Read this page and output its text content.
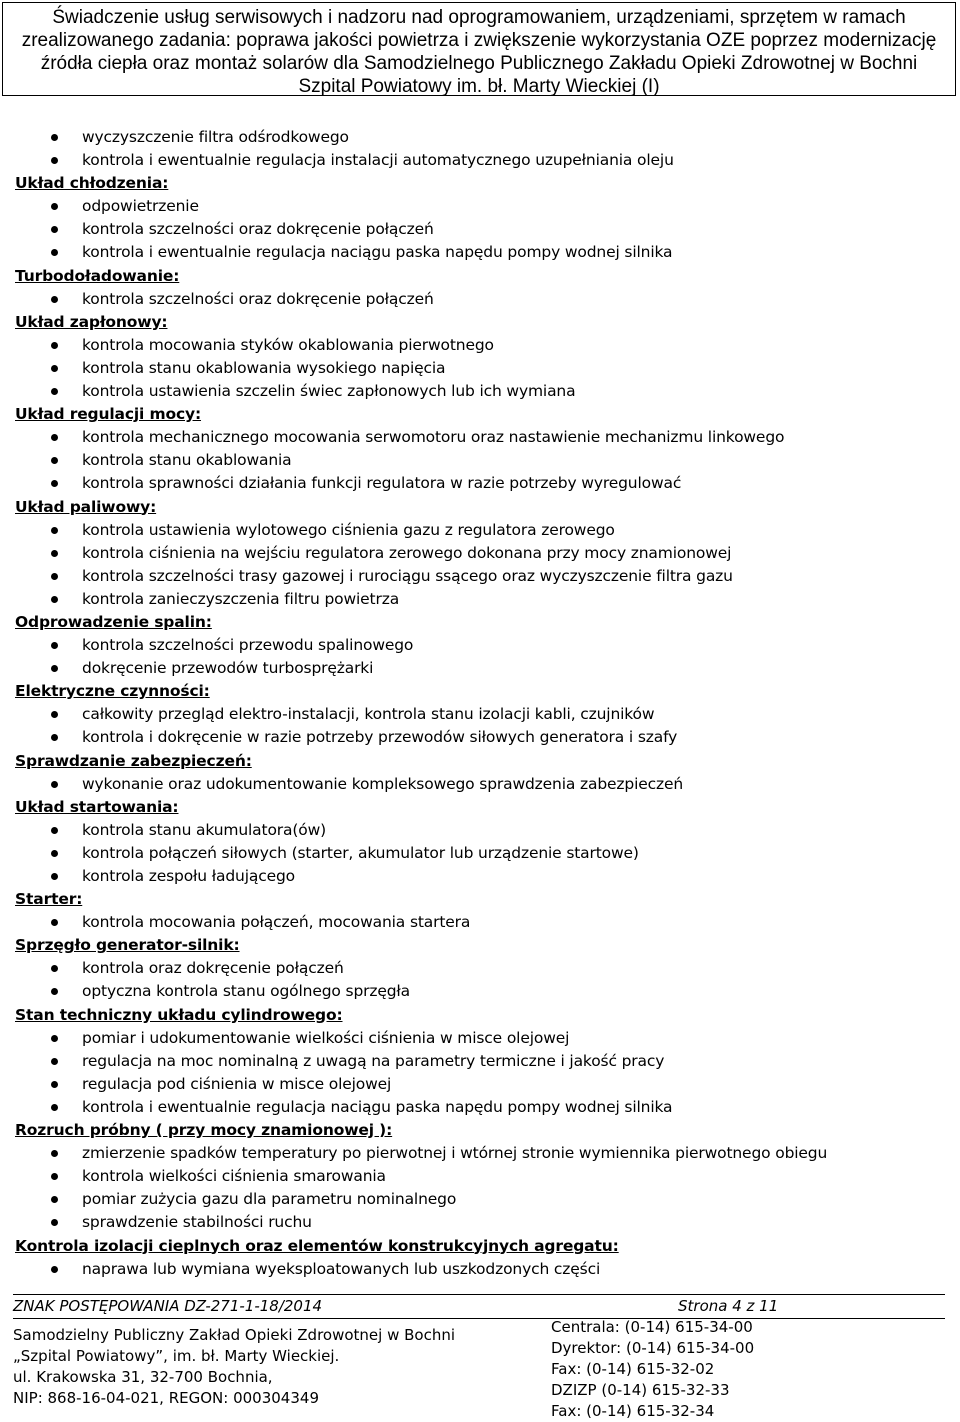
Świadczenie usług serwisowych i nadzoru nad oprogramowaniem, urządzeniami, sprzętem w ramach
zrealizowanego zadania: poprawa jakości powietrza i zwiększenie wykorzystania OZE poprzez modernizację
źródła ciepła oraz montaż solarów dla Samodzielnego Publicznego Zakładu Opieki Zdrowotnej w Bochni
Szpital Powiatowy im. bł. Marty Wieckiej (I)
wyczyszczenie filtra odśrodkowego
kontrola i ewentualnie regulacja instalacji automatycznego uzupełniania oleju
Układ chłodzenia:
odpowietrzenie
kontrola szczelności oraz dokręcenie połączeń
kontrola i ewentualnie regulacja naciągu paska napędu pompy wodnej silnika
Turbodoładowanie:
kontrola szczelności oraz dokręcenie połączeń
Układ zapłonowy:
kontrola mocowania styków okablowania pierwotnego
kontrola stanu okablowania wysokiego napięcia
kontrola ustawienia szczelin świec zapłonowych lub ich wymiana
Układ regulacji mocy:
kontrola mechanicznego mocowania serwomotoru oraz nastawienie mechanizmu linkowego
kontrola stanu okablowania
kontrola sprawności działania funkcji regulatora w razie potrzeby wyregulować
Układ paliwowy:
kontrola ustawienia wylotowego ciśnienia gazu z regulatora zerowego
kontrola ciśnienia na wejściu regulatora zerowego dokonana przy mocy znamionowej
kontrola szczelności trasy gazowej i rurociągu ssącego oraz wyczyszczenie filtra gazu
kontrola zanieczyszczenia filtru powietrza
Odprowadzenie spalin:
kontrola szczelności przewodu spalinowego
dokręcenie przewodów turbosprężarki
Elektryczne czynności:
całkowity przegląd elektro-instalacji, kontrola stanu izolacji kabli, czujników
kontrola i dokręcenie w razie potrzeby przewodów siłowych generatora i szafy
Sprawdzanie zabezpieczeń:
wykonanie oraz udokumentowanie kompleksowego sprawdzenia zabezpieczeń
Układ startowania:
kontrola stanu akumulatora(ów)
kontrola połączeń siłowych (starter, akumulator lub urządzenie startowe)
kontrola zespołu ładującego
Starter:
kontrola mocowania połączeń, mocowania startera
Sprzęgło generator-silnik:
kontrola oraz dokręcenie połączeń
optyczna kontrola stanu ogólnego sprzęgła
Stan techniczny układu cylindrowego:
pomiar i udokumentowanie wielkości ciśnienia w misce olejowej
regulacja na moc nominalną z uwagą na parametry termiczne i jakość pracy
regulacja pod ciśnienia w misce olejowej
kontrola i ewentualnie regulacja naciągu paska napędu pompy wodnej silnika
Rozruch próbny ( przy mocy znamionowej ):
zmierzenie spadków temperatury po pierwotnej i wtórnej stronie wymiennika pierwotnego obiegu
kontrola wielkości ciśnienia smarowania
pomiar zużycia gazu dla parametru nominalnego
sprawdzenie stabilności ruchu
Kontrola izolacji cieplnych oraz elementów konstrukcyjnych agregatu:
naprawa lub wymiana wyeksploatowanych lub uszkodzonych części
ZNAK POSTĘPOWANIA DZ-271-1-18/2014	Strona 4 z 11
Samodzielny Publiczny Zakład Opieki Zdrowotnej w Bochni
„Szpital Powiatowy”, im. bł. Marty Wieckiej.
ul. Krakowska 31, 32-700 Bochnia,
NIP: 868-16-04-021, REGON: 000304349
Centrala: (0-14) 615-34-00
Dyrektor: (0-14) 615-34-00
Fax: (0-14) 615-32-02
DZIZP (0-14) 615-32-33
Fax: (0-14) 615-32-34
